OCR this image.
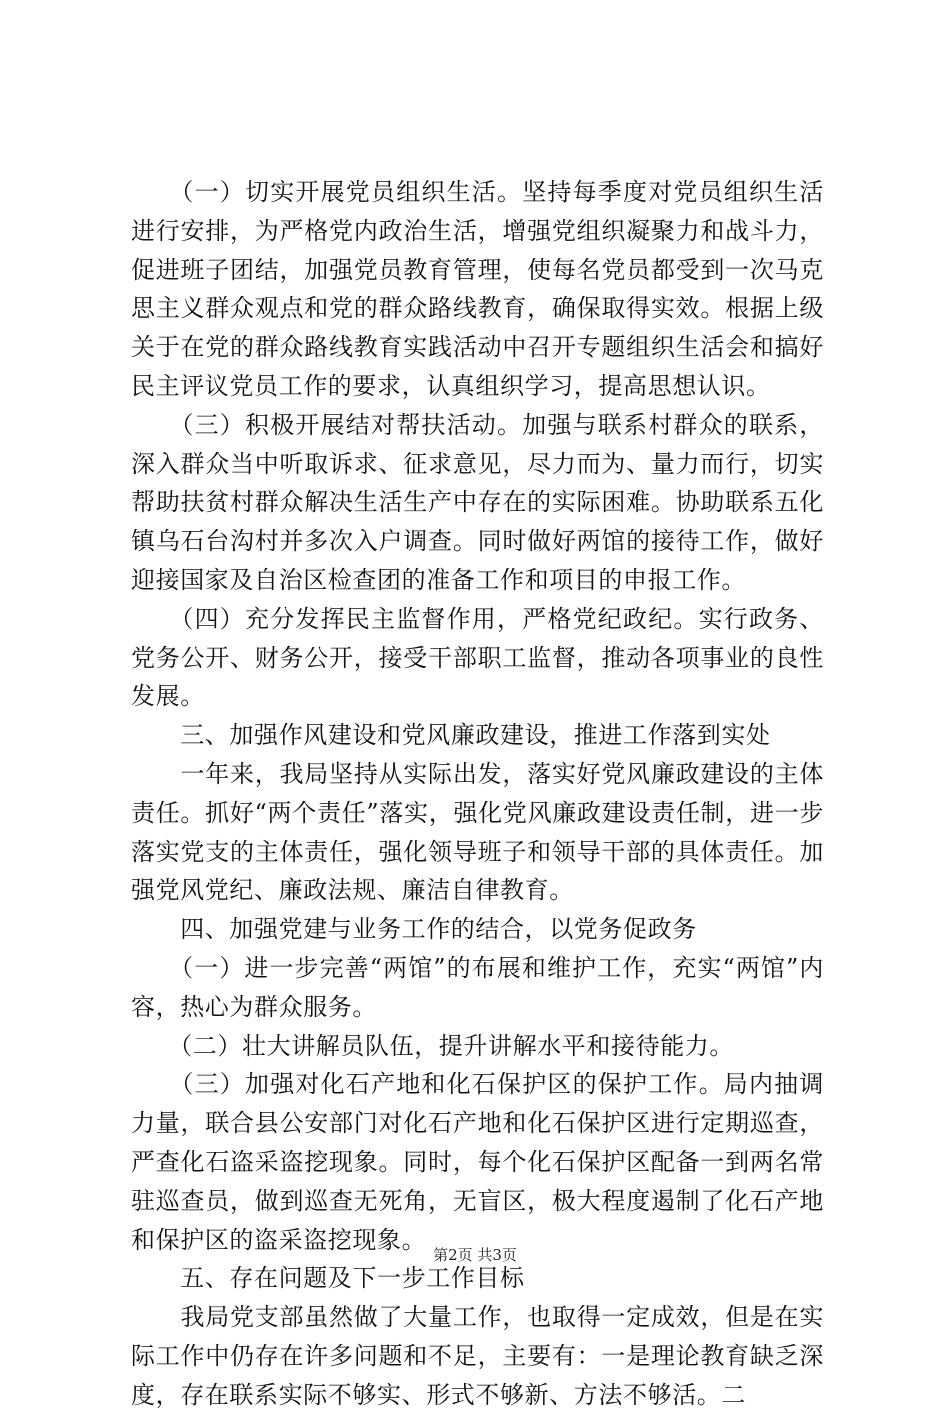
　　（一）切实开展党员组织生活。坚持每季度对党员组织生活进行安排，为严格党内政治生活，增强党组织凝聚力和战斗力，促进班子团结，加强党员教育管理，使每名党员都受到一次马克思主义群众观点和党的群众路线教育，确保取得实效。根据上级关于在党的群众路线教育实践活动中召开专题组织生活会和搞好民主评议党员工作的要求，认真组织学习，提高思想认识。

　　（三）积极开展结对帮扶活动。加强与联系村群众的联系，深入群众当中听取诉求、征求意见，尽力而为、量力而行，切实帮助扶贫村群众解决生活生产中存在的实际困难。协助联系五化镇乌石台沟村并多次入户调查。同时做好两馆的接待工作，做好迎接国家及自治区检查团的准备工作和项目的申报工作。

　　（四）充分发挥民主监督作用，严格党纪政纪。实行政务、党务公开、财务公开，接受干部职工监督，推动各项事业的良性发展。

　　三、加强作风建设和党风廉政建设，推进工作落到实处

　　一年来，我局坚持从实际出发，落实好党风廉政建设的主体责任。抓好“两个责任”落实，强化党风廉政建设责任制，进一步落实党支的主体责任，强化领导班子和领导干部的具体责任。加强党风党纪、廉政法规、廉洁自律教育。

　　四、加强党建与业务工作的结合，以党务促政务

　　（一）进一步完善“两馆”的布展和维护工作，充实“两馆”内容，热心为群众服务。

　　（二）壮大讲解员队伍，提升讲解水平和接待能力。

　　（三）加强对化石产地和化石保护区的保护工作。局内抽调力量，联合县公安部门对化石产地和化石保护区进行定期巡查，严查化石盗采盗挖现象。同时，每个化石保护区配备一到两名常驻巡查员，做到巡查无死角，无盲区，极大程度遏制了化石产地和保护区的盗采盗挖现象。

　　五、存在问题及下一步工作目标

　　我局党支部虽然做了大量工作，也取得一定成效，但是在实际工作中仍存在许多问题和不足，主要有：一是理论教育缺乏深度，存在联系实际不够实、形式不够新、方法不够活。二

第2页 共3页
